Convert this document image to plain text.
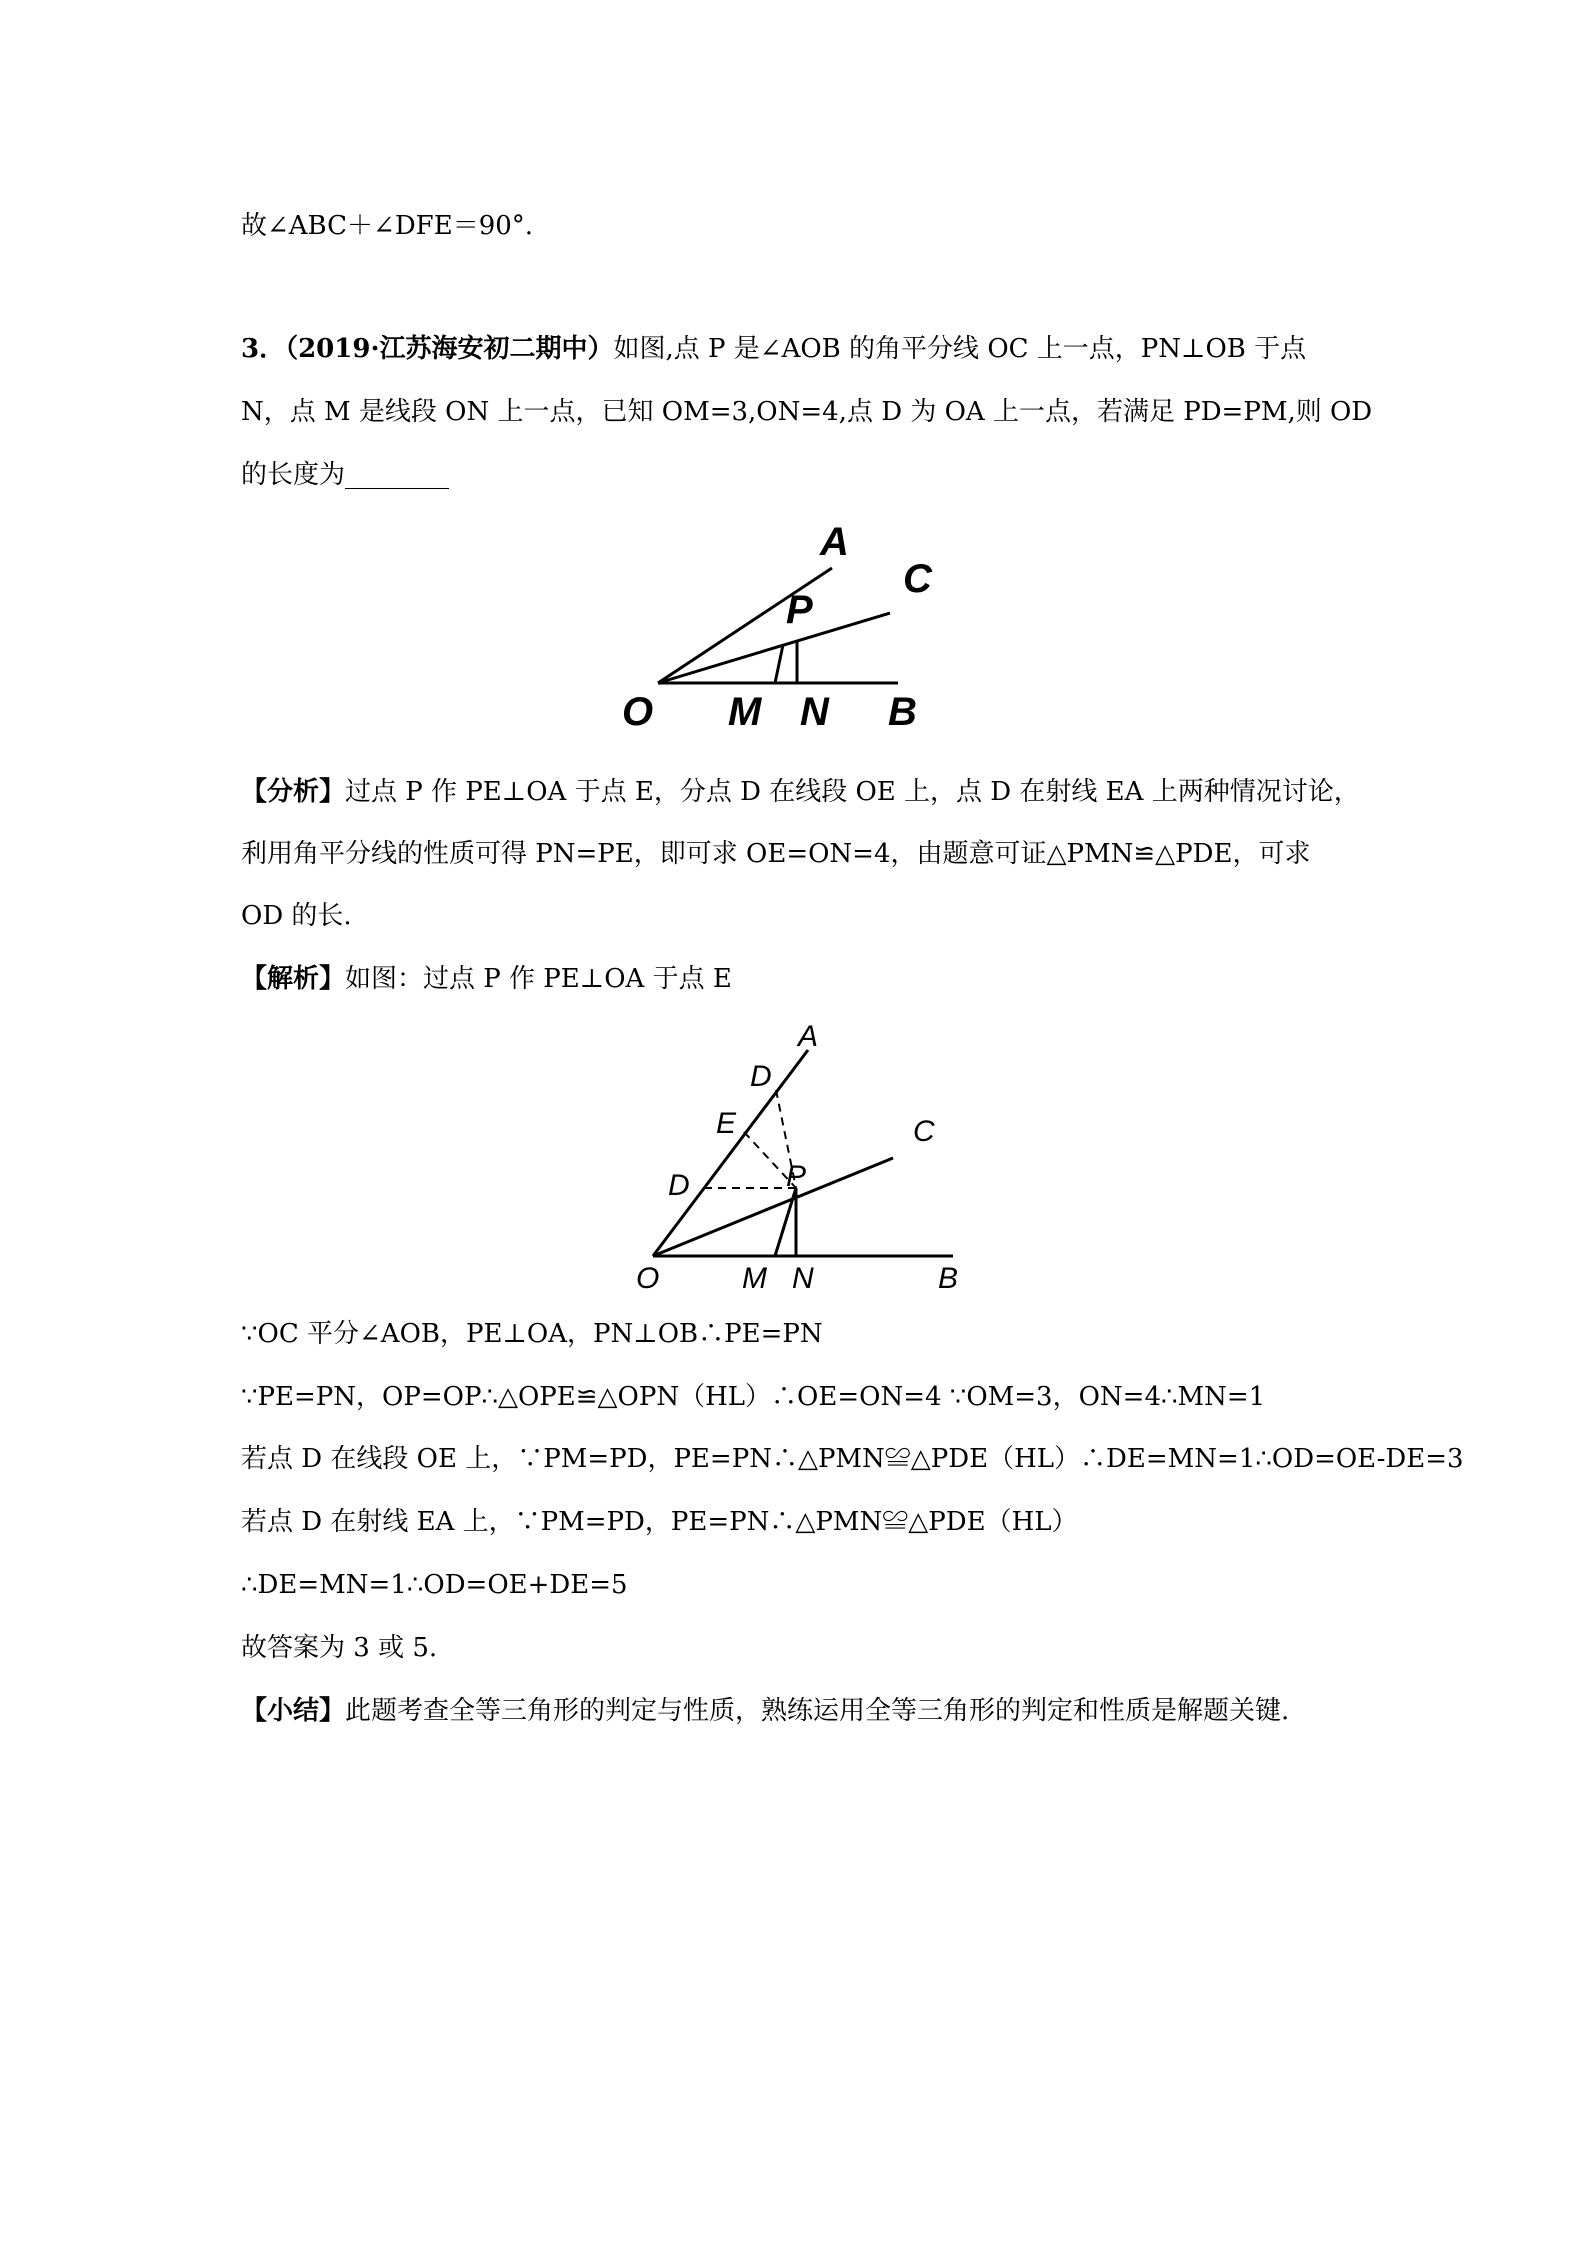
故∠ABC＋∠DFE＝90°.
3．（2019·江苏海安初二期中）如图,点 P 是∠AOB 的角平分线 OC 上一点，PN⊥OB 于点
N，点 M 是线段 ON 上一点，已知 OM=3,ON=4,点 D 为 OA 上一点，若满足 PD=PM,则 OD
的长度为________
A
C
P
O M N B
【分析】过点 P 作 PE⊥OA 于点 E，分点 D 在线段 OE 上，点 D 在射线 EA 上两种情况讨论，
利用角平分线的性质可得 PN=PE，即可求 OE=ON=4，由题意可证△PMN≌△PDE，可求
OD 的长.
【解析】如图：过点 P 作 PE⊥OA 于点 E
A
D
E	C
P
D
O	M N	B
∵OC 平分∠AOB，PE⊥OA，PN⊥OB∴PE=PN
∵PE=PN，OP=OP∴△OPE≌△OPN（HL）∴OE=ON=4 ∵OM=3，ON=4∴MN=1
若点 D 在线段 OE 上，∵PM=PD，PE=PN∴△PMN≌△PDE（HL）∴DE=MN=1∴OD=OE-DE=3
若点 D 在射线 EA 上，∵PM=PD，PE=PN∴△PMN≌△PDE（HL）
∴DE=MN=1∴OD=OE+DE=5
故答案为 3 或 5.
【小结】此题考查全等三角形的判定与性质，熟练运用全等三角形的判定和性质是解题关键.
